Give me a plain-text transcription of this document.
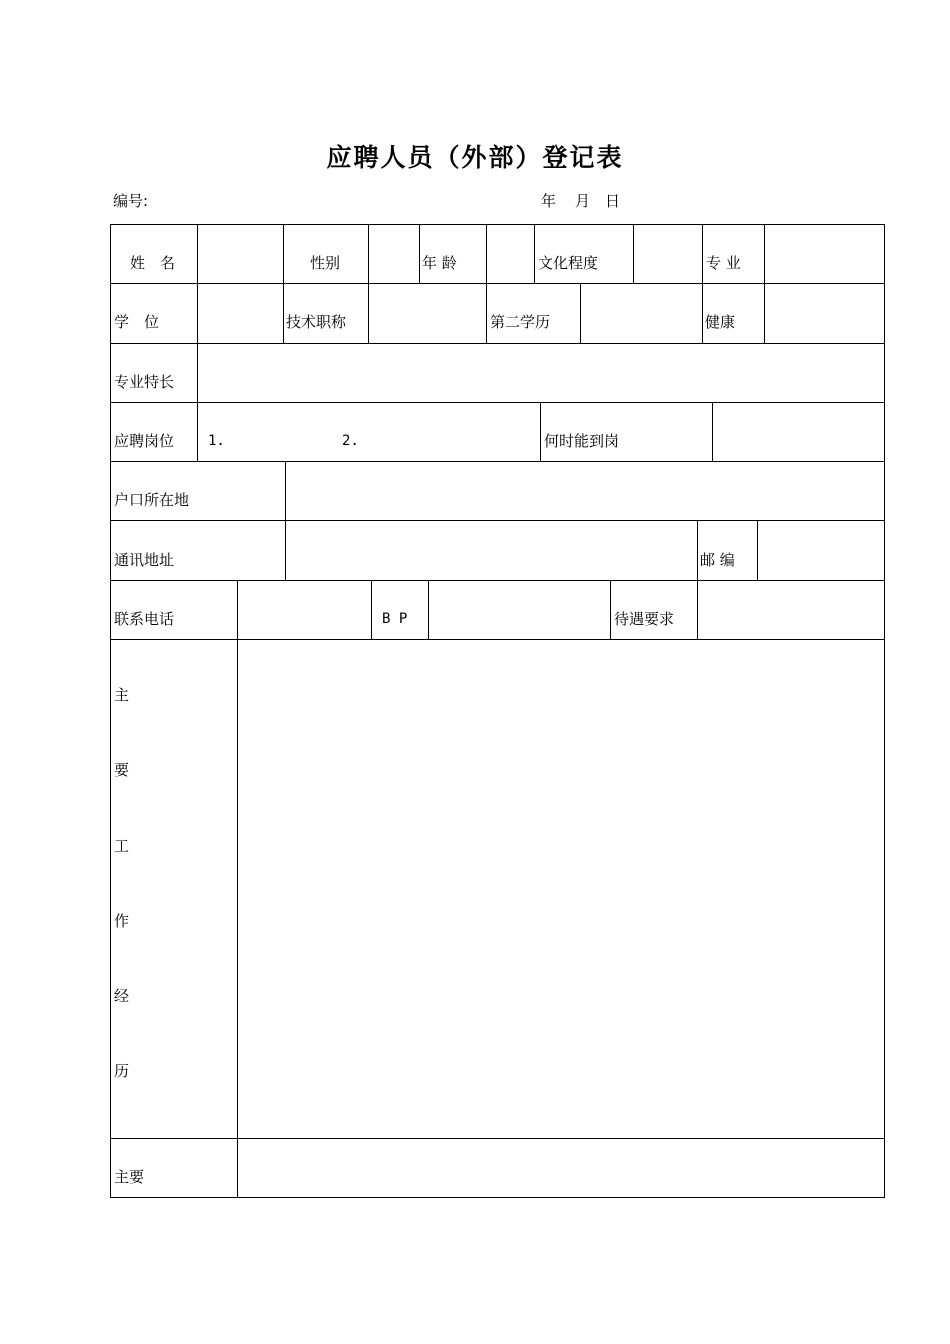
应聘人员（外部）登记表
编号:	年 月 日
姓　名	性别	年 龄	文化程度	专 业
学　位	技术职称	第二学历	健康
专业特长
应聘岗位 1.	2.	何时能到岗
户口所在地
通讯地址	邮 编
联系电话	B P	待遇要求
主
要
工
作
经
历
主要
